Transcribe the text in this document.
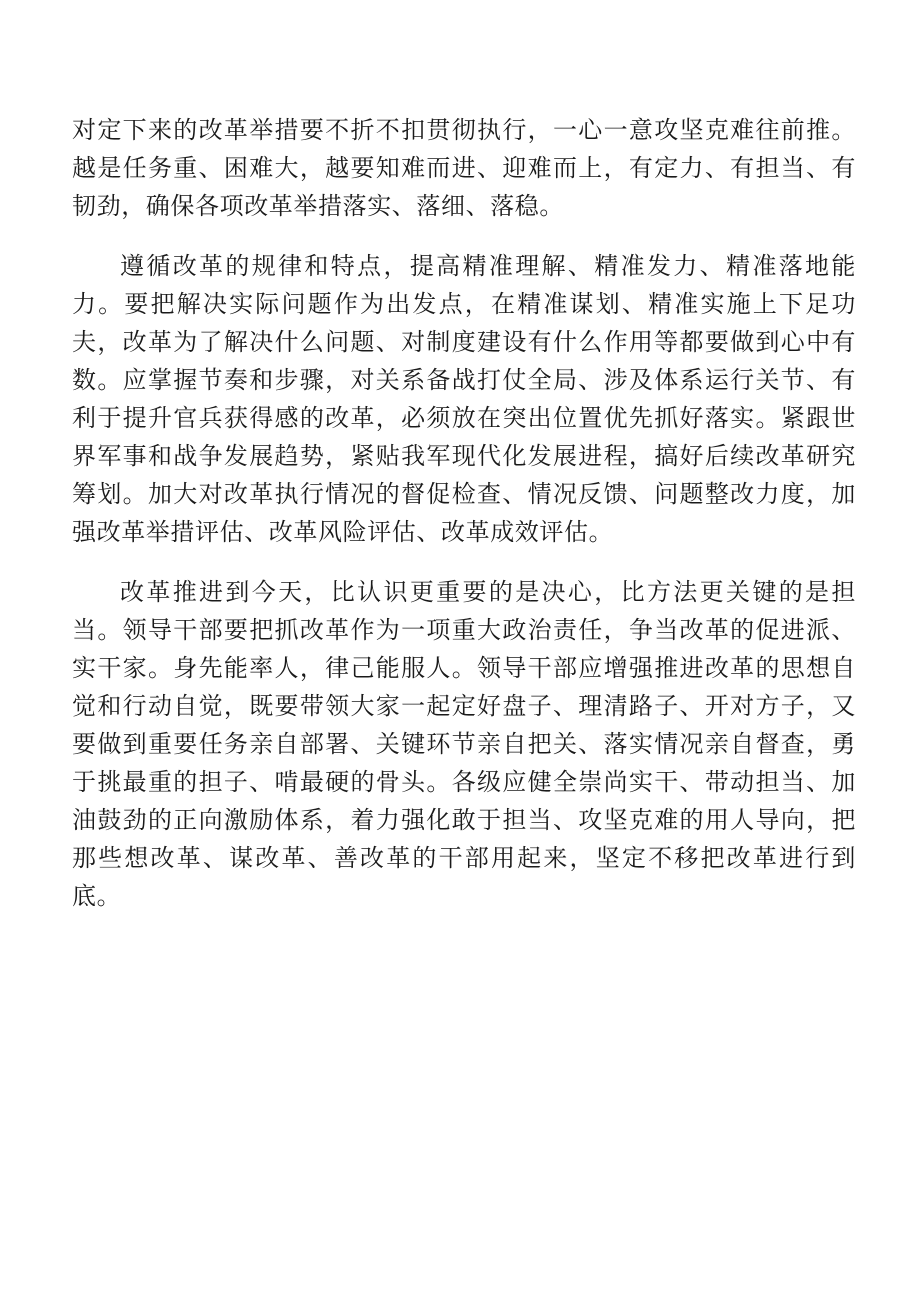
对定下来的改革举措要不折不扣贯彻执行，一心一意攻坚克难往前推。越是任务重、困难大，越要知难而进、迎难而上，有定力、有担当、有韧劲，确保各项改革举措落实、落细、落稳。

遵循改革的规律和特点，提高精准理解、精准发力、精准落地能力。要把解决实际问题作为出发点，在精准谋划、精准实施上下足功夫，改革为了解决什么问题、对制度建设有什么作用等都要做到心中有数。应掌握节奏和步骤，对关系备战打仗全局、涉及体系运行关节、有利于提升官兵获得感的改革，必须放在突出位置优先抓好落实。紧跟世界军事和战争发展趋势，紧贴我军现代化发展进程，搞好后续改革研究筹划。加大对改革执行情况的督促检查、情况反馈、问题整改力度，加强改革举措评估、改革风险评估、改革成效评估。

改革推进到今天，比认识更重要的是决心，比方法更关键的是担当。领导干部要把抓改革作为一项重大政治责任，争当改革的促进派、实干家。身先能率人，律己能服人。领导干部应增强推进改革的思想自觉和行动自觉，既要带领大家一起定好盘子、理清路子、开对方子，又要做到重要任务亲自部署、关键环节亲自把关、落实情况亲自督查，勇于挑最重的担子、啃最硬的骨头。各级应健全崇尚实干、带动担当、加油鼓劲的正向激励体系，着力强化敢于担当、攻坚克难的用人导向，把那些想改革、谋改革、善改革的干部用起来，坚定不移把改革进行到底。
